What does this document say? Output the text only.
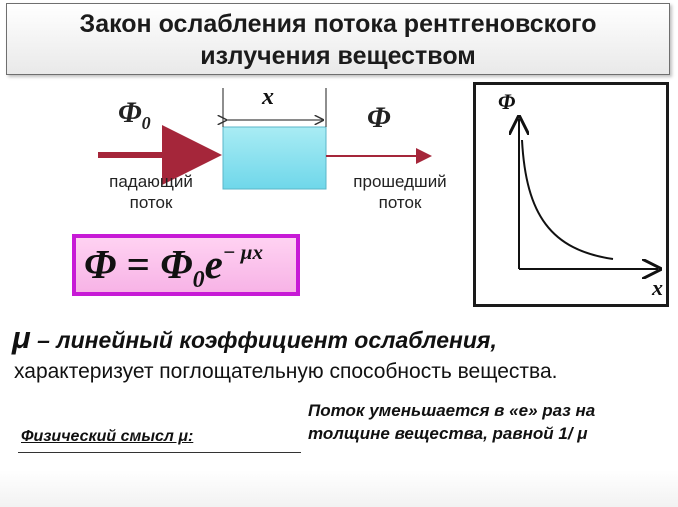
Закон ослабления потока рентгеновского
излучения веществом
$\Phi_0$
x
Φ
падающий
поток
прошедший
поток
$\Phi = \Phi_0e^{- \mu x}$
Φ
x
μ – линейный коэффициент ослабления,
характеризует поглощательную способность вещества.
Физический смысл μ:
Поток уменьшается в «е» раз на
толщине вещества, равной 1/ μ
